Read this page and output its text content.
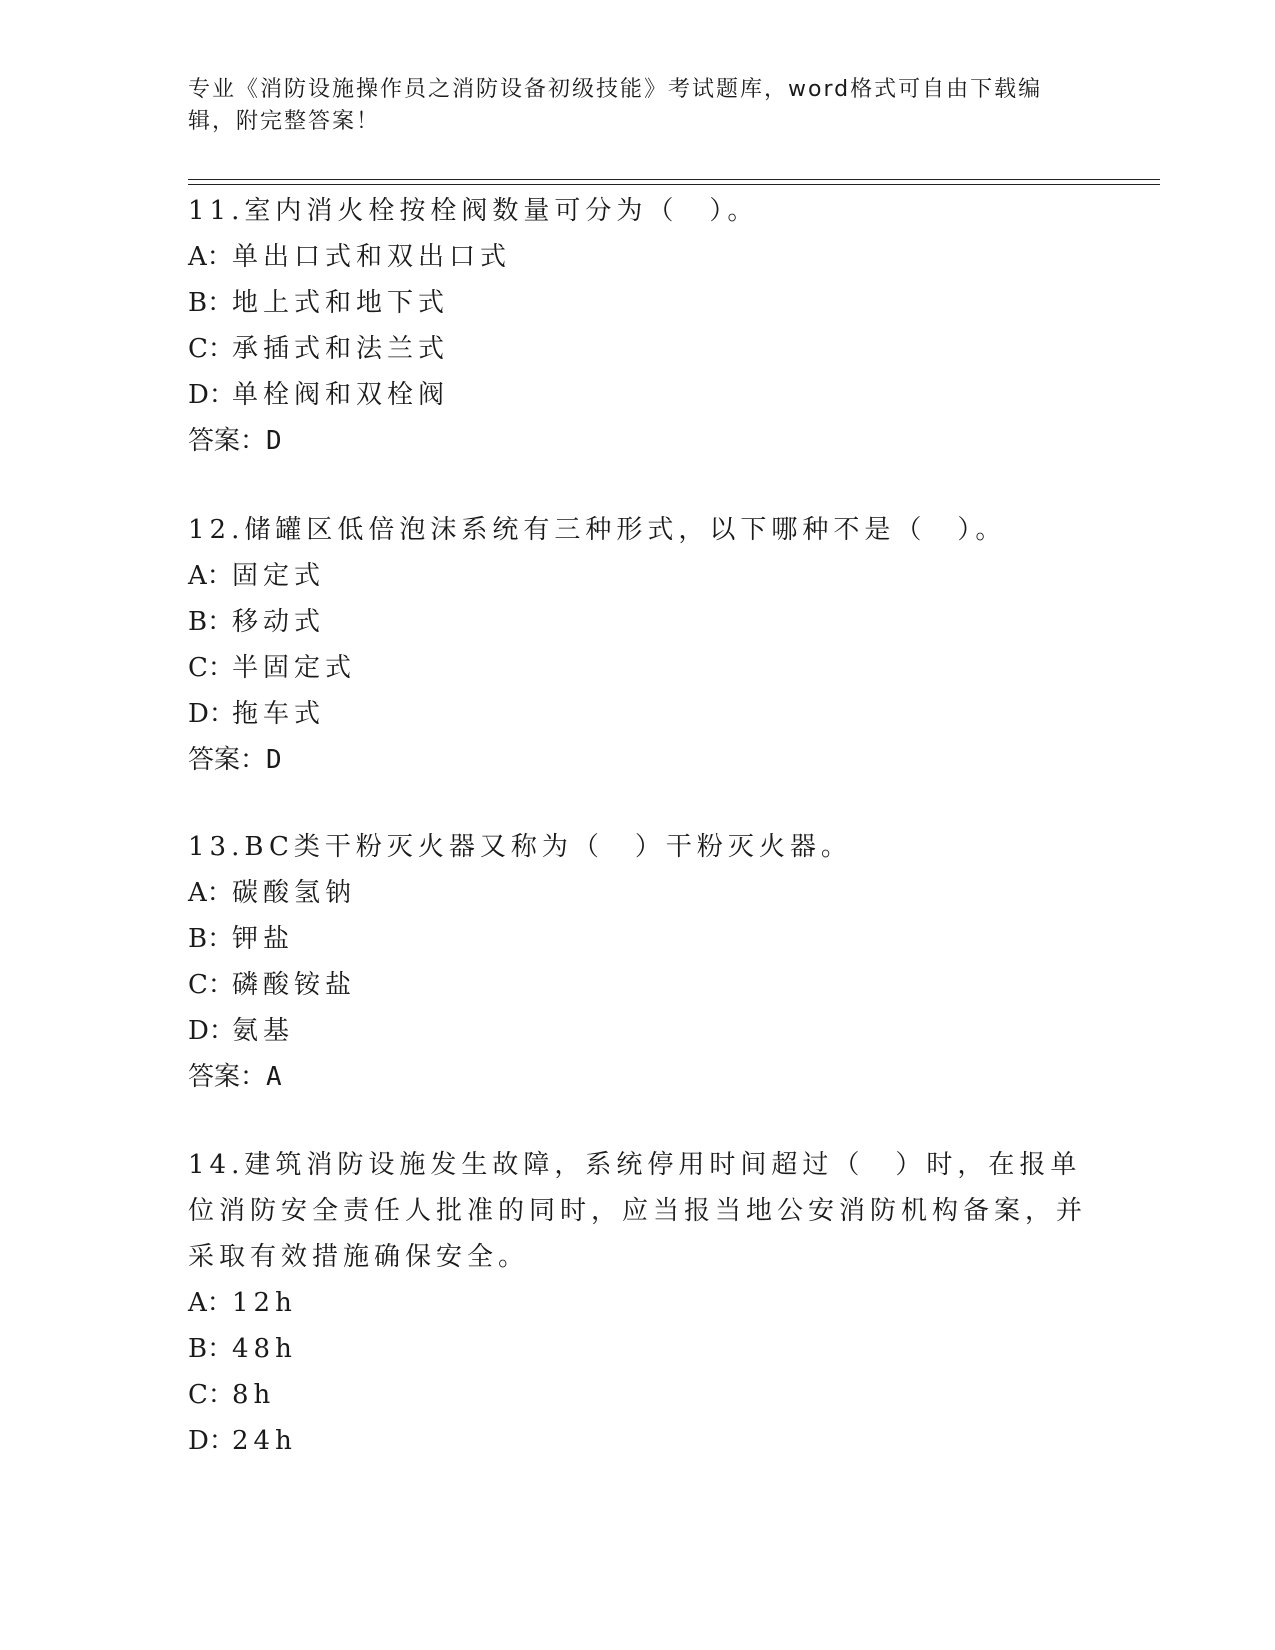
专业《消防设施操作员之消防设备初级技能》考试题库，word格式可自由下载编辑，附完整答案！

11.室内消火栓按栓阀数量可分为（　）。

A：单出口式和双出口式
B：地上式和地下式
C：承插式和法兰式
D：单栓阀和双栓阀
答案：D

12.储罐区低倍泡沫系统有三种形式，以下哪种不是（　）。

A：固定式
B：移动式
C：半固定式
D：拖车式
答案：D

13.BC类干粉灭火器又称为（　）干粉灭火器。

A：碳酸氢钠
B：钾盐
C：磷酸铵盐
D：氨基
答案：A

14.建筑消防设施发生故障，系统停用时间超过（　）时，在报单位消防安全责任人批准的同时，应当报当地公安消防机构备案，并采取有效措施确保安全。

A：12h
B：48h
C：8h
D：24h
